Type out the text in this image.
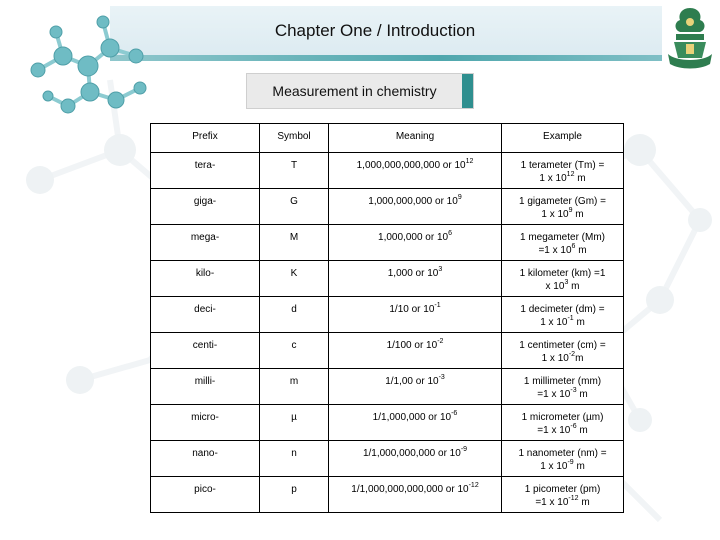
Chapter One / Introduction
Measurement in chemistry
Prefix	Symbol	Meaning	Example
tera-	T	1,000,000,000,000 or $10^{12}$	1 terameter (Tm) =
1 x $10^{12}$ m
giga-	G	1,000,000,000 or $10^9$	1 gigameter (Gm) =
1 x $10^9$ m
mega-	M	1,000,000 or $10^6$	1 megameter (Mm)
=1 x $10^6$ m
kilo-	K	1,000 or $10^3$	1 kilometer (km) =1
x $10^3$ m
deci-	d	1/10 or $10^{-1}$	1 decimeter (dm) =
1 x $10^{-1}$ m
centi-	c	1/100 or $10^{-2}$	1 centimeter (cm) =
1 x $10^{-2}m$
milli-	m	1/1,00 or $10^{-3}$	1 millimeter (mm)
=1 x $10^{-3}$ m
micro-	µ	1/1,000,000 or $10^{-6}$	1 micrometer (µm)
=1 x $10^{-6}$ m
nano-	n	1/1,000,000,000 or $10^{-9}$	1 nanometer (nm) =
1 x $10^{-9}$ m
pico-	p	1/1,000,000,000,000 or $10^{-12}$	1 picometer (pm)
=1 x $10^{-12}$ m
